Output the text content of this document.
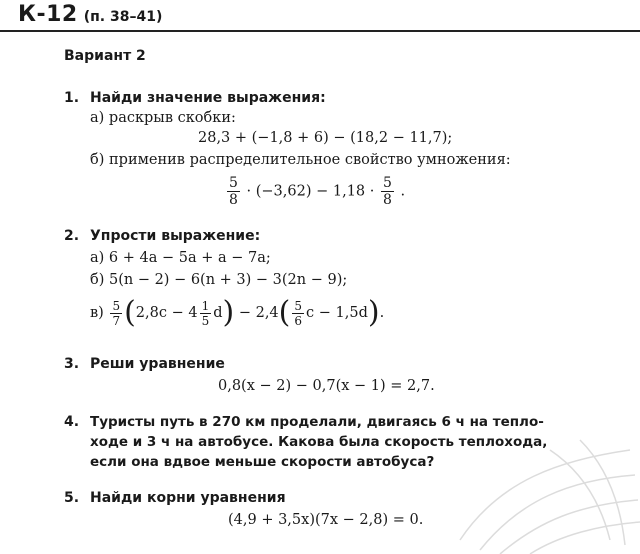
К-12 (п. 38–41)
Вариант 2
1. Найди значение выражения:
а) раскрыв скобки:
28,3 + (−1,8 + 6) − (18,2 − 11,7);
б) применив распределительное свойство умножения:
$\frac{5}{8} \cdot (-3,62) - 1,18 \cdot \frac{5}{8}$ .
2. Упрости выражение:
а) 6 + 4a − 5a + a − 7a;
б) 5(n − 2) − 6(n + 3) − 3(2n − 9);
$в) \frac{5}{7} (2,8c - 4 \frac{1}{5} d) - 2,4( \frac{5}{6}$ c − 1,5d).
3. Реши уравнение
0,8(x − 2) − 0,7(x − 1) = 2,7.
4. Туристы путь в 270 км проделали, двигаясь 6 ч на тепло-
ходе и 3 ч на автобусе. Какова была скорость теплохода,
если она вдвое меньше скорости автобуса?
5. Найди корни уравнения
(4,9 + 3,5x)(7x − 2,8) = 0.
